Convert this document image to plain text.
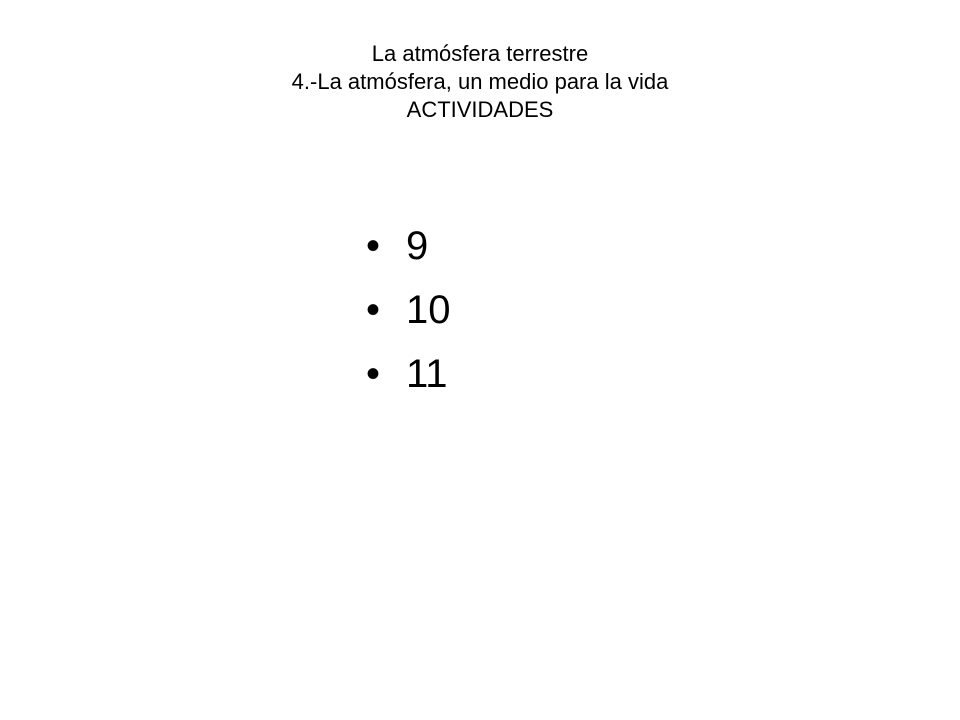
La atmósfera terrestre
4.-La atmósfera, un medio para la vida
ACTIVIDADES
• 9
• 10
• 11
